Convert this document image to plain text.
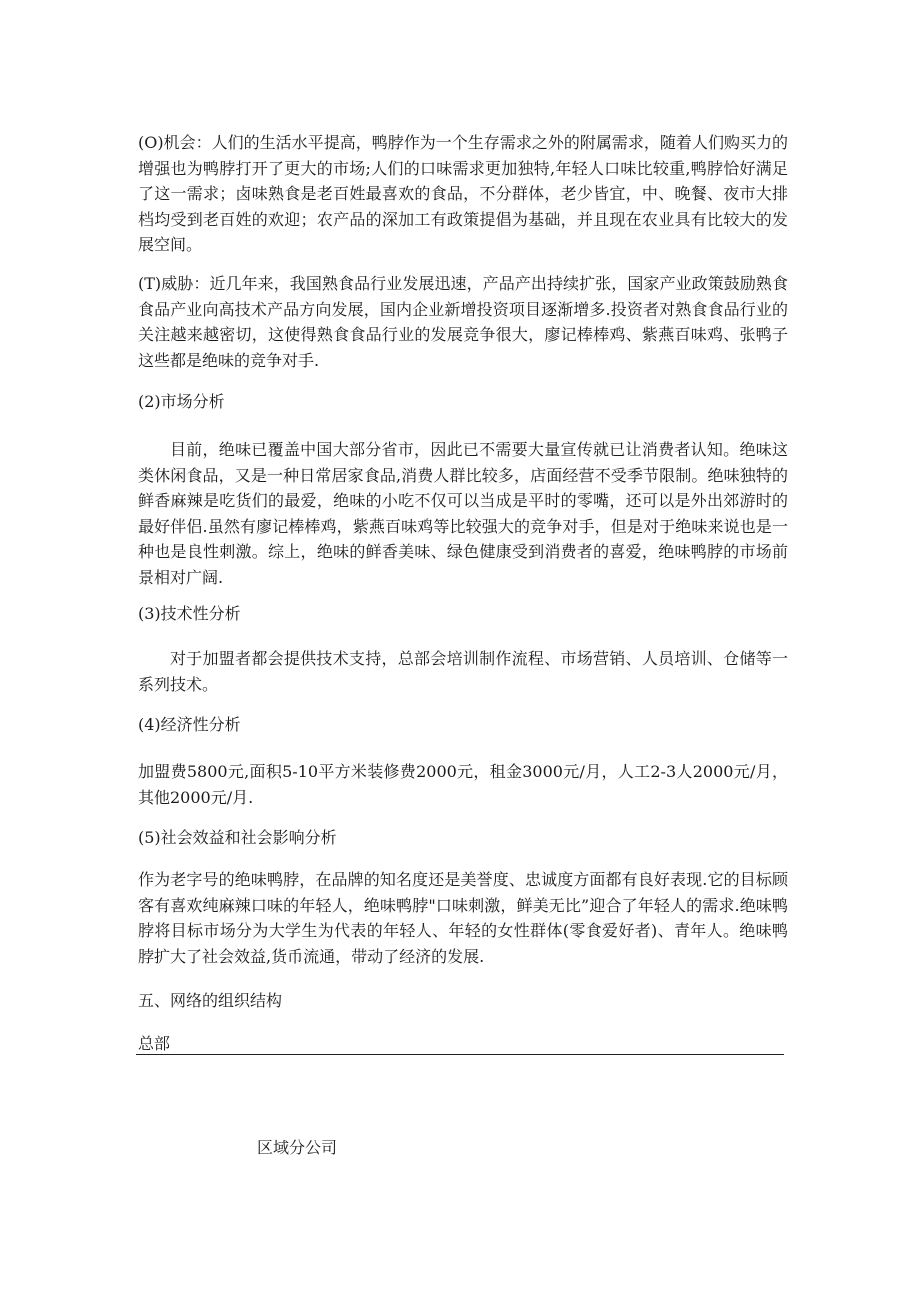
(O)机会：人们的生活水平提高，鸭脖作为一个生存需求之外的附属需求，随着人们购买力的增强也为鸭脖打开了更大的市场;人们的口味需求更加独特,年轻人口味比较重,鸭脖恰好满足了这一需求；卤味熟食是老百姓最喜欢的食品，不分群体，老少皆宜，中、晚餐、夜市大排档均受到老百姓的欢迎；农产品的深加工有政策提倡为基础，并且现在农业具有比较大的发展空间。

(T)威胁：近几年来，我国熟食品行业发展迅速，产品产出持续扩张，国家产业政策鼓励熟食食品产业向高技术产品方向发展，国内企业新增投资项目逐渐增多.投资者对熟食食品行业的关注越来越密切，这使得熟食食品行业的发展竞争很大，廖记棒棒鸡、紫燕百味鸡、张鸭子这些都是绝味的竞争对手.

(2)市场分析

目前，绝味已覆盖中国大部分省市，因此已不需要大量宣传就已让消费者认知。绝味这类休闲食品，又是一种日常居家食品,消费人群比较多，店面经营不受季节限制。绝味独特的鲜香麻辣是吃货们的最爱，绝味的小吃不仅可以当成是平时的零嘴，还可以是外出郊游时的最好伴侣.虽然有廖记棒棒鸡，紫燕百味鸡等比较强大的竞争对手，但是对于绝味来说也是一种也是良性刺激。综上，绝味的鲜香美味、绿色健康受到消费者的喜爱，绝味鸭脖的市场前景相对广阔.

(3)技术性分析

对于加盟者都会提供技术支持，总部会培训制作流程、市场营销、人员培训、仓储等一系列技术。

(4)经济性分析

加盟费5800元,面积5-10平方米装修费2000元，租金3000元/月，人工2-3人2000元/月，其他2000元/月.

(5)社会效益和社会影响分析

作为老字号的绝味鸭脖，在品牌的知名度还是美誉度、忠诚度方面都有良好表现.它的目标顾客有喜欢纯麻辣口味的年轻人，绝味鸭脖"口味刺激，鲜美无比”迎合了年轻人的需求.绝味鸭脖将目标市场分为大学生为代表的年轻人、年轻的女性群体(零食爱好者)、青年人。绝味鸭脖扩大了社会效益,货币流通，带动了经济的发展.

五、网络的组织结构

总部

区域分公司
